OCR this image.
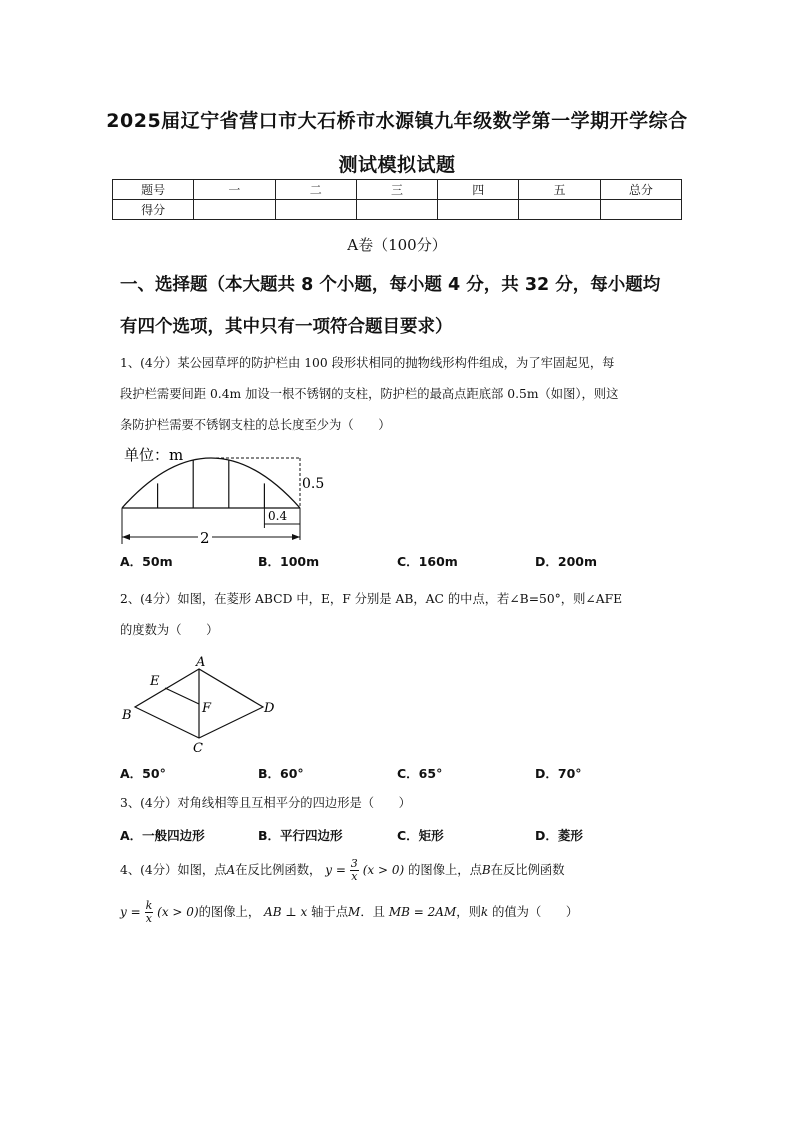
2025届辽宁省营口市大石桥市水源镇九年级数学第一学期开学综合
测试模拟试题
题号	一	二	三	四	五	总分
得分						
A卷（100分）
一、选择题（本大题共 8 个小题，每小题 4 分，共 32 分，每小题均
有四个选项，其中只有一项符合题目要求）
1、(4分）某公园草坪的防护栏由 100 段形状相同的抛物线形构件组成，为了牢固起见，每
段护栏需要间距 0.4m 加设一根不锈钢的支柱，防护栏的最高点距底部 0.5m（如图），则这
条防护栏需要不锈钢支柱的总长度至少为（　　）
单位：m
0.5
0.4
2
A．50m	B．100m	C．160m	D．200m
2、(4分）如图，在菱形 ABCD 中，E，F 分别是 AB，AC 的中点，若∠B=50°，则∠AFE
的度数为（　　）
A
B
C
D
E
F
A．50°	B．60°	C．65°	D．70°
3、(4分）对角线相等且互相平分的四边形是（　　）
A．一般四边形	B．平行四边形	C．矩形	D．菱形
4、(4分）如图，点A在反比例函数， $y = \frac{3}{x} (x > 0)$ 的图像上，点B在反比例函数
$y = \frac{k}{x} (x > 0)$的图像上， AB ⊥ x 轴于点M．且 MB = 2AM，则k 的值为（　　）
